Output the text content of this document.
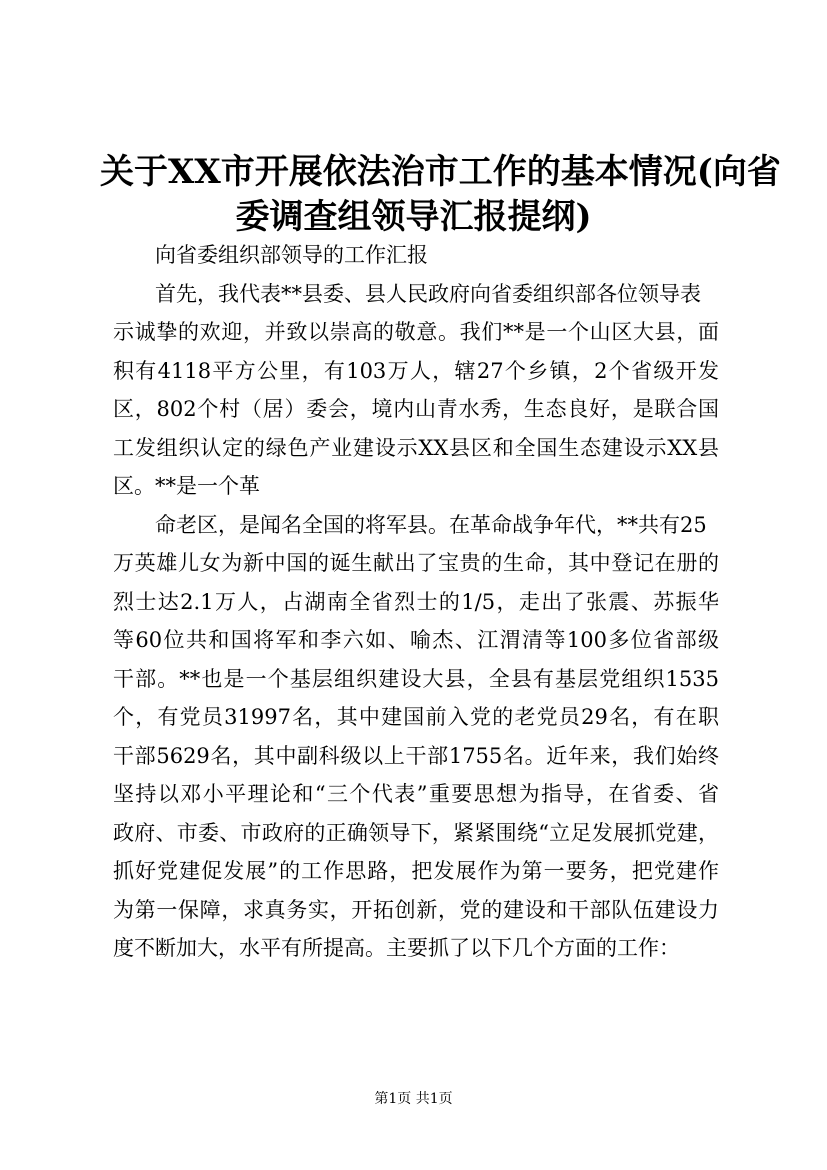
关于XX市开展依法治市工作的基本情况(向省
委调查组领导汇报提纲)
向省委组织部领导的工作汇报
首先，我代表**县委、县人民政府向省委组织部各位领导表
示诚挚的欢迎，并致以崇高的敬意。我们**是一个山区大县，面
积有4118平方公里，有103万人，辖27个乡镇，2个省级开发
区，802个村（居）委会，境内山青水秀，生态良好，是联合国
工发组织认定的绿色产业建设示XX县区和全国生态建设示XX县
区。**是一个革
命老区，是闻名全国的将军县。在革命战争年代，**共有25
万英雄儿女为新中国的诞生献出了宝贵的生命，其中登记在册的
烈士达2.1万人，占湖南全省烈士的1/5，走出了张震、苏振华
等60位共和国将军和李六如、喻杰、江渭清等100多位省部级
干部。**也是一个基层组织建设大县，全县有基层党组织1535
个，有党员31997名，其中建国前入党的老党员29名，有在职
干部5629名，其中副科级以上干部1755名。近年来，我们始终
坚持以邓小平理论和“三个代表”重要思想为指导，在省委、省
政府、市委、市政府的正确领导下，紧紧围绕“立足发展抓党建，
抓好党建促发展”的工作思路，把发展作为第一要务，把党建作
为第一保障，求真务实，开拓创新，党的建设和干部队伍建设力
度不断加大，水平有所提高。主要抓了以下几个方面的工作：
第1页 共1页
